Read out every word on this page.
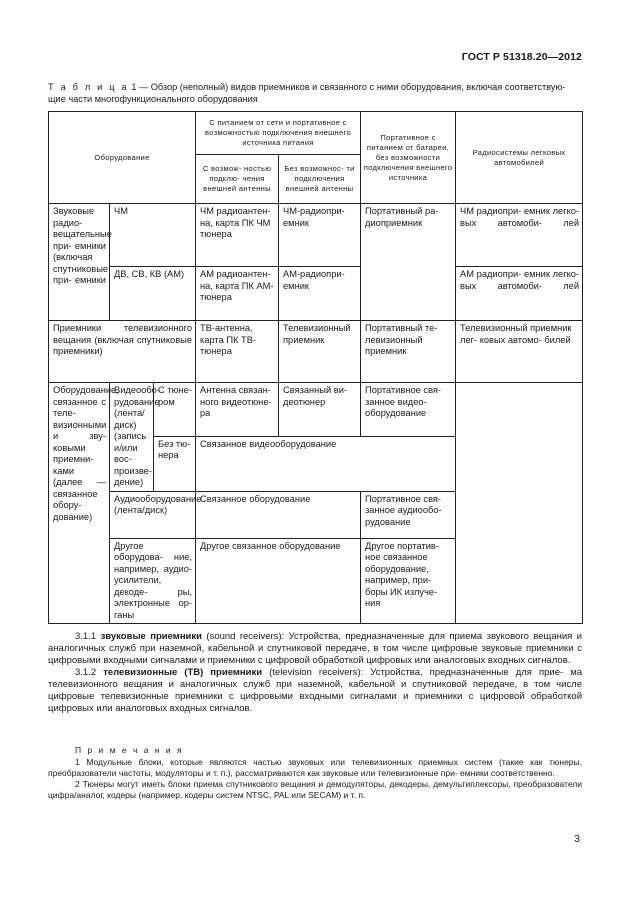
ГОСТ Р 51318.20—2012
Т а б л и ц а 1 — Обзор (неполный) видов приемников и связанного с ними оборудования, включая соответствую- щие части многофункционального оборудования
Оборудование			С питанием от сети и портативное с возможностью подключения внешнего источника питания		Портативное с питанием от батареи, без возможности подключения внешнего источника	Радиосистемы легковых автомобилей
			С возмож- ностью подклю- чения внешней антенны	Без возможнос- ти подключения внешней антенны		
Звуковые радио- вещательные при- емники (включая спутниковые при- емники	ЧМ		ЧМ радиоантен- на, карта ПК ЧМ тюнера	ЧМ-радиопри- емник	Портативный ра- диоприемник	ЧМ радиопри- емник легко- вых автомоби- лей
	ДВ, СВ, КВ (АМ)		АМ радиоантен- на, карта ПК АМ-тюнера	АМ-радиопри- емник		АМ радиопри- емник легко- вых автомоби- лей
Приемники телевизионного вещания (включая спутниковые приемники)			ТВ-антенна, карта ПК ТВ-тюнера	Телевизионный приемник	Портативный те- левизионный приемник	Телевизионный приемник лег- ковых автомо- билей
Оборудование, связанное с теле- визионными и зву- ковыми приемни- ками (далее — связанное обору- дование)	Видеообо- рудование (лента/диск) (запись и/или вос- произве- дение)	С тюне- ром	Антенна связан- ного видеотюне- ра	Связанный ви- деотюнер	Портативное свя- занное видео- оборудование	
		Без тю- нера	Связанное видеооборудование			
	Аудиооборудование (лента/диск)		Связанное оборудование		Портативное свя- занное аудиообо- рудование	
	Другое оборудова- ние, например, аудио- усилители, декоде- ры, электронные ор- ганы		Другое связанное оборудование		Другое портатив- ное связанное оборудование, например, при- боры ИК излуче- ния	

3.1.1 звуковые приемники (sound receivers): Устройства, предназначенные для приема звукового вещания и аналогичных служб при наземной, кабельной и спутниковой передаче, в том числе цифровые звуковые приемники с цифровыми входными сигналами и приемники с цифровой обработкой цифровых или аналоговых входных сигналов.

3.1.2 телевизионные (ТВ) приемники (television receivers): Устройства, предназначенные для прие- ма телевизионного вещания и аналогичных служб при наземной, кабельной и спутниковой передаче, в том числе цифровые телевизионные приемники с цифровыми входными сигналами и приемники с цифровой обработкой цифровых или аналоговых входных сигналов.

П р и м е ч а н и я

1 Модульные блоки, которые являются частью звуковых или телевизионных приемных систем (такие как тюнеры, преобразователи частоты, модуляторы и т. п.), рассматриваются как звуковые или телевизионные при- емники соответственно.

2 Тюнеры могут иметь блоки приема спутникового вещания и демодуляторы, декодеры, демультиплексоры, преобразователи цифра/аналог, кодеры (например, кодеры систем NTSC, PAL или SECAM) и т. п.

3
